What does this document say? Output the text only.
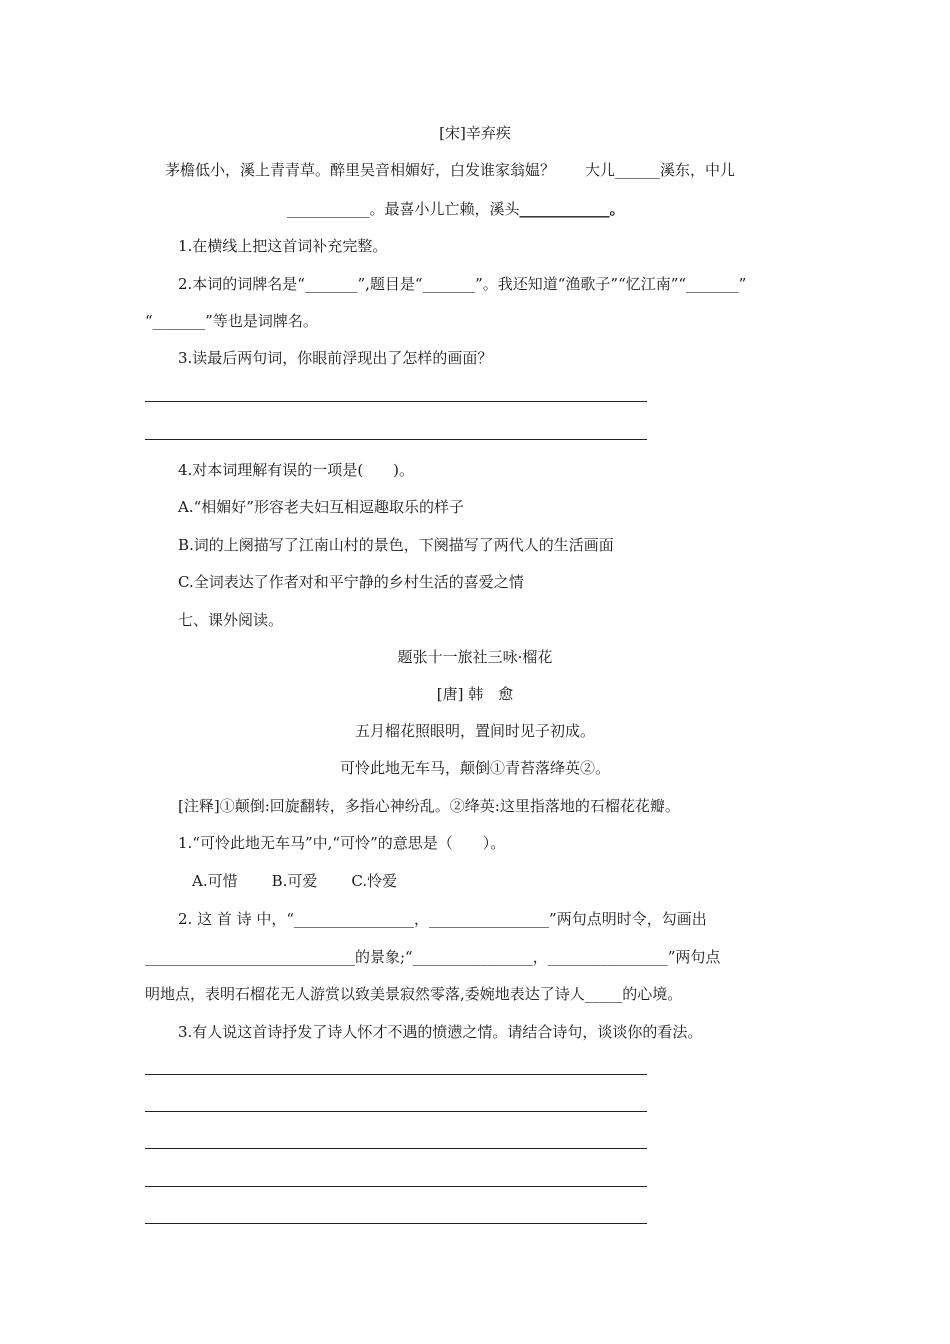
[宋]辛弃疾
茅檐低小，溪上青青草。醉里吴音相媚好，白发谁家翁媪？　　大儿______溪东，中儿
___________。最喜小儿亡赖，溪头____________。
1.在横线上把这首词补充完整。
2.本词的词牌名是“_______”,题目是“_______”。我还知道“渔歌子”“忆江南”“_______”
“_______”等也是词牌名。
3.读最后两句词，你眼前浮现出了怎样的画面？
4.对本词理解有误的一项是(　　)。
A.“相媚好”形容老夫妇互相逗趣取乐的样子
B.词的上阕描写了江南山村的景色，下阕描写了两代人的生活画面
C.全词表达了作者对和平宁静的乡村生活的喜爱之情
七、课外阅读。
题张十一旅社三咏·榴花
[唐] 韩　愈
五月榴花照眼明，置间时见子初成。
可怜此地无车马，颠倒①青苔落绛英②。
[注释]①颠倒:回旋翻转，多指心神纷乱。②绛英:这里指落地的石榴花花瓣。
1.“可怜此地无车马”中,“可怜”的意思是（　　）。
A.可惜 B.可爱 C.怜爱
2. 这 首 诗 中，“________________，________________”两句点明时令，勾画出
____________________________的景象;“________________，________________”两句点
明地点，表明石榴花无人游赏以致美景寂然零落,委婉地表达了诗人_____的心境。
3.有人说这首诗抒发了诗人怀才不遇的愤懑之情。请结合诗句，谈谈你的看法。
